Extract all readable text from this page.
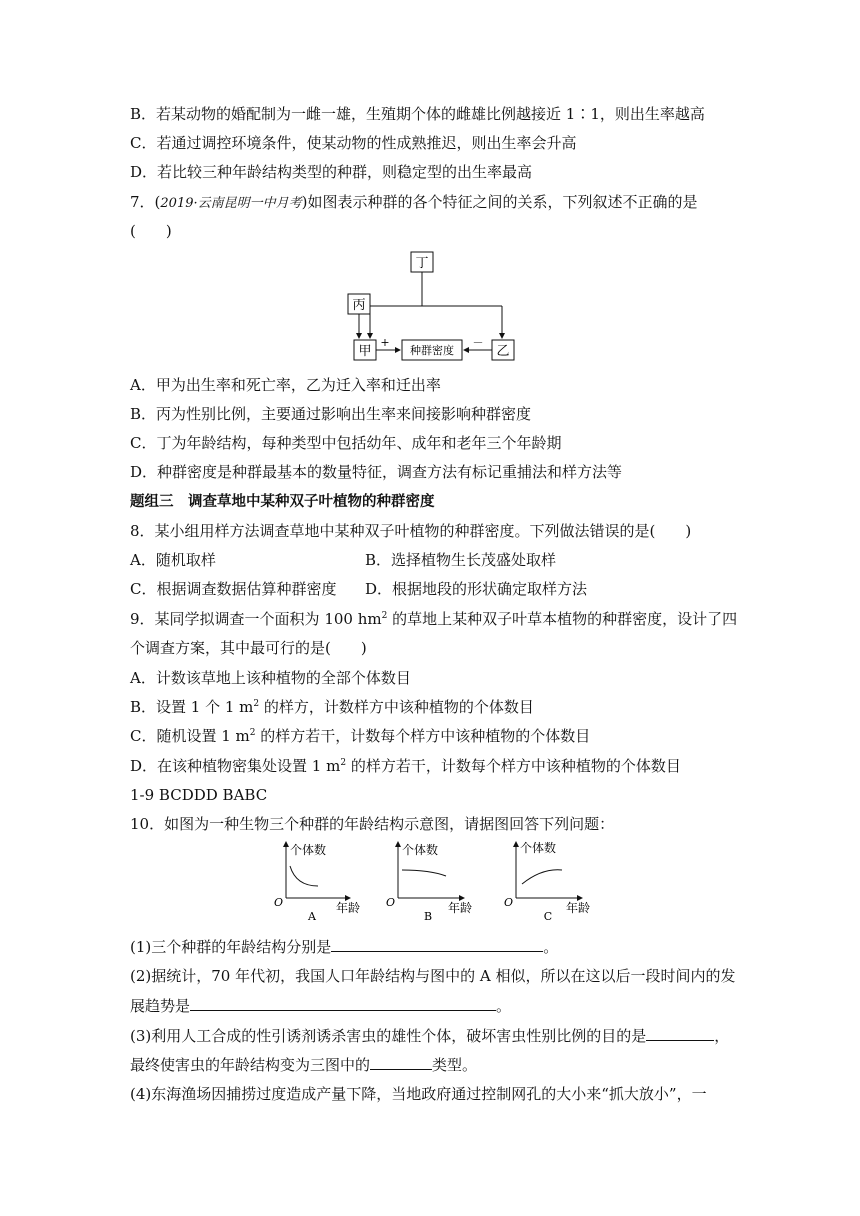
B．若某动物的婚配制为一雌一雄，生殖期个体的雌雄比例越接近 1∶1，则出生率越高
C．若通过调控环境条件，使某动物的性成熟推迟，则出生率会升高
D．若比较三种年龄结构类型的种群，则稳定型的出生率最高
7．(2019·云南昆明一中月考)如图表示种群的各个特征之间的关系，下列叙述不正确的是
(　　)
丁
丙
甲	种群密度	乙
+	－
A．甲为出生率和死亡率，乙为迁入率和迁出率
B．丙为性别比例，主要通过影响出生率来间接影响种群密度
C．丁为年龄结构，每种类型中包括幼年、成年和老年三个年龄期
D．种群密度是种群最基本的数量特征，调查方法有标记重捕法和样方法等
题组三　调查草地中某种双子叶植物的种群密度
8．某小组用样方法调查草地中某种双子叶植物的种群密度。下列做法错误的是(　　)
A．随机取样	B．选择植物生长茂盛处取样
C．根据调查数据估算种群密度 D．根据地段的形状确定取样方法
9．某同学拟调查一个面积为 100 $hm^2$ 的草地上某种双子叶草本植物的种群密度，设计了四
个调查方案，其中最可行的是(　　)
A．计数该草地上该种植物的全部个体数目
B．设置 1 个 1 $m^2$ 的样方，计数样方中该种植物的个体数目
C．随机设置 1 $m^2$ 的样方若干，计数每个样方中该种植物的个体数目
D．在该种植物密集处设置 1 $m^2$ 的样方若干，计数每个样方中该种植物的个体数目
1-9 BCDDD BABC
10．如图为一种生物三个种群的年龄结构示意图，请据图回答下列问题：
个体数
年龄
O
A
个体数
年龄
O
B
个体数
年龄
O
C
(1)三个种群的年龄结构分别是	。
(2)据统计，70 年代初，我国人口年龄结构与图中的 A 相似，所以在这以后一段时间内的发
展趋势是	。
(3)利用人工合成的性引诱剂诱杀害虫的雄性个体，破坏害虫性别比例的目的是	，
最终使害虫的年龄结构变为三图中的	类型。
(4)东海渔场因捕捞过度造成产量下降，当地政府通过控制网孔的大小来“抓大放小”，一
